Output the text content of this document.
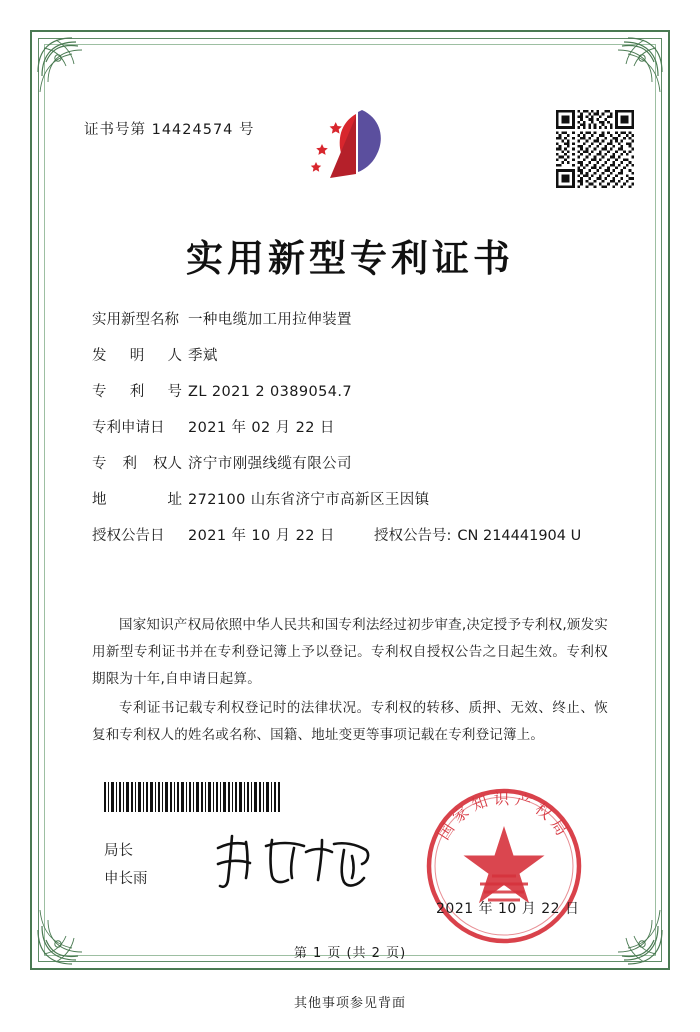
证书号第 14424574 号
实用新型专利证书
实用新型名称 一种电缆加工用拉伸装置
发 明 人 季斌
专 利 号 ZL 2021 2 0389054.7
专利申请日	2021 年 02 月 22 日
专 利 权人 济宁市刚强线缆有限公司
地	址 272100 山东省济宁市高新区王因镇
授权公告日	2021 年 10 月 22 日	授权公告号: CN 214441904 U

国家知识产权局依照中华人民共和国专利法经过初步审查,决定授予专利权,颁发实用新型专利证书并在专利登记簿上予以登记。专利权自授权公告之日起生效。专利权期限为十年,自申请日起算。

专利证书记载专利权登记时的法律状况。专利权的转移、质押、无效、终止、恢复和专利权人的姓名或名称、国籍、地址变更等事项记载在专利登记簿上。

局长
申长雨
国家知识产权局
2021 年 10 月 22 日
第 1 页 (共 2 页)
其他事项参见背面
